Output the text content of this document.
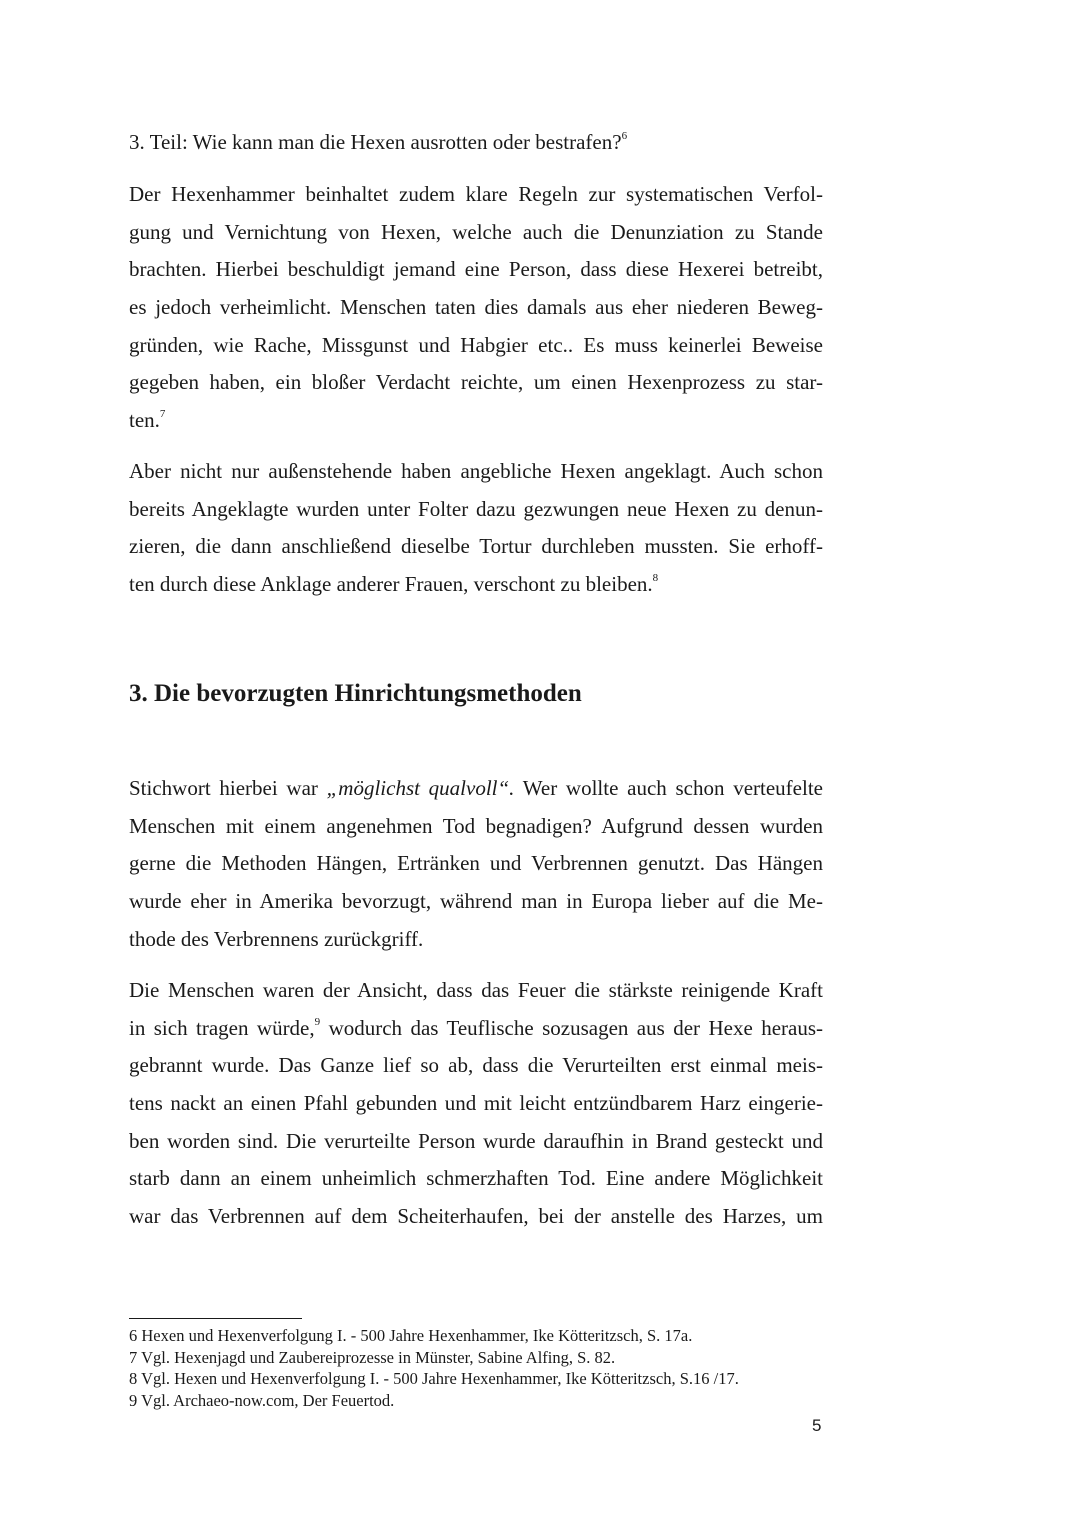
3. Teil: Wie kann man die Hexen ausrotten oder bestrafen?$^6$
Der Hexenhammer beinhaltet zudem klare Regeln zur systematischen Verfol-
gung und Vernichtung von Hexen, welche auch die Denunziation zu Stande
brachten. Hierbei beschuldigt jemand eine Person, dass diese Hexerei betreibt,
es jedoch verheimlicht. Menschen taten dies damals aus eher niederen Beweg-
gründen, wie Rache, Missgunst und Habgier etc.. Es muss keinerlei Beweise
gegeben haben, ein bloßer Verdacht reichte, um einen Hexenprozess zu star-
ten.$^7$
Aber nicht nur außenstehende haben angebliche Hexen angeklagt. Auch schon
bereits Angeklagte wurden unter Folter dazu gezwungen neue Hexen zu denun-
zieren, die dann anschließend dieselbe Tortur durchleben mussten. Sie erhoff-
ten durch diese Anklage anderer Frauen, verschont zu bleiben.$^8$
3. Die bevorzugten Hinrichtungsmethoden
Stichwort hierbei war „möglichst qualvoll“. Wer wollte auch schon verteufelte
Menschen mit einem angenehmen Tod begnadigen? Aufgrund dessen wurden
gerne die Methoden Hängen, Ertränken und Verbrennen genutzt. Das Hängen
wurde eher in Amerika bevorzugt, während man in Europa lieber auf die Me-
thode des Verbrennens zurückgriff.
Die Menschen waren der Ansicht, dass das Feuer die stärkste reinigende Kraft
in sich tragen würde,$^9$ wodurch das Teuflische sozusagen aus der Hexe heraus-
gebrannt wurde. Das Ganze lief so ab, dass die Verurteilten erst einmal meis-
tens nackt an einen Pfahl gebunden und mit leicht entzündbarem Harz eingerie-
ben worden sind. Die verurteilte Person wurde daraufhin in Brand gesteckt und
starb dann an einem unheimlich schmerzhaften Tod. Eine andere Möglichkeit
war das Verbrennen auf dem Scheiterhaufen, bei der anstelle des Harzes, um
6 Hexen und Hexenverfolgung I. - 500 Jahre Hexenhammer, Ike Kötteritzsch, S. 17a.
7 Vgl. Hexenjagd und Zaubereiprozesse in Münster, Sabine Alfing, S. 82.
8 Vgl. Hexen und Hexenverfolgung I. - 500 Jahre Hexenhammer, Ike Kötteritzsch, S.16 /17.
9 Vgl. Archaeo-now.com, Der Feuertod.
5
